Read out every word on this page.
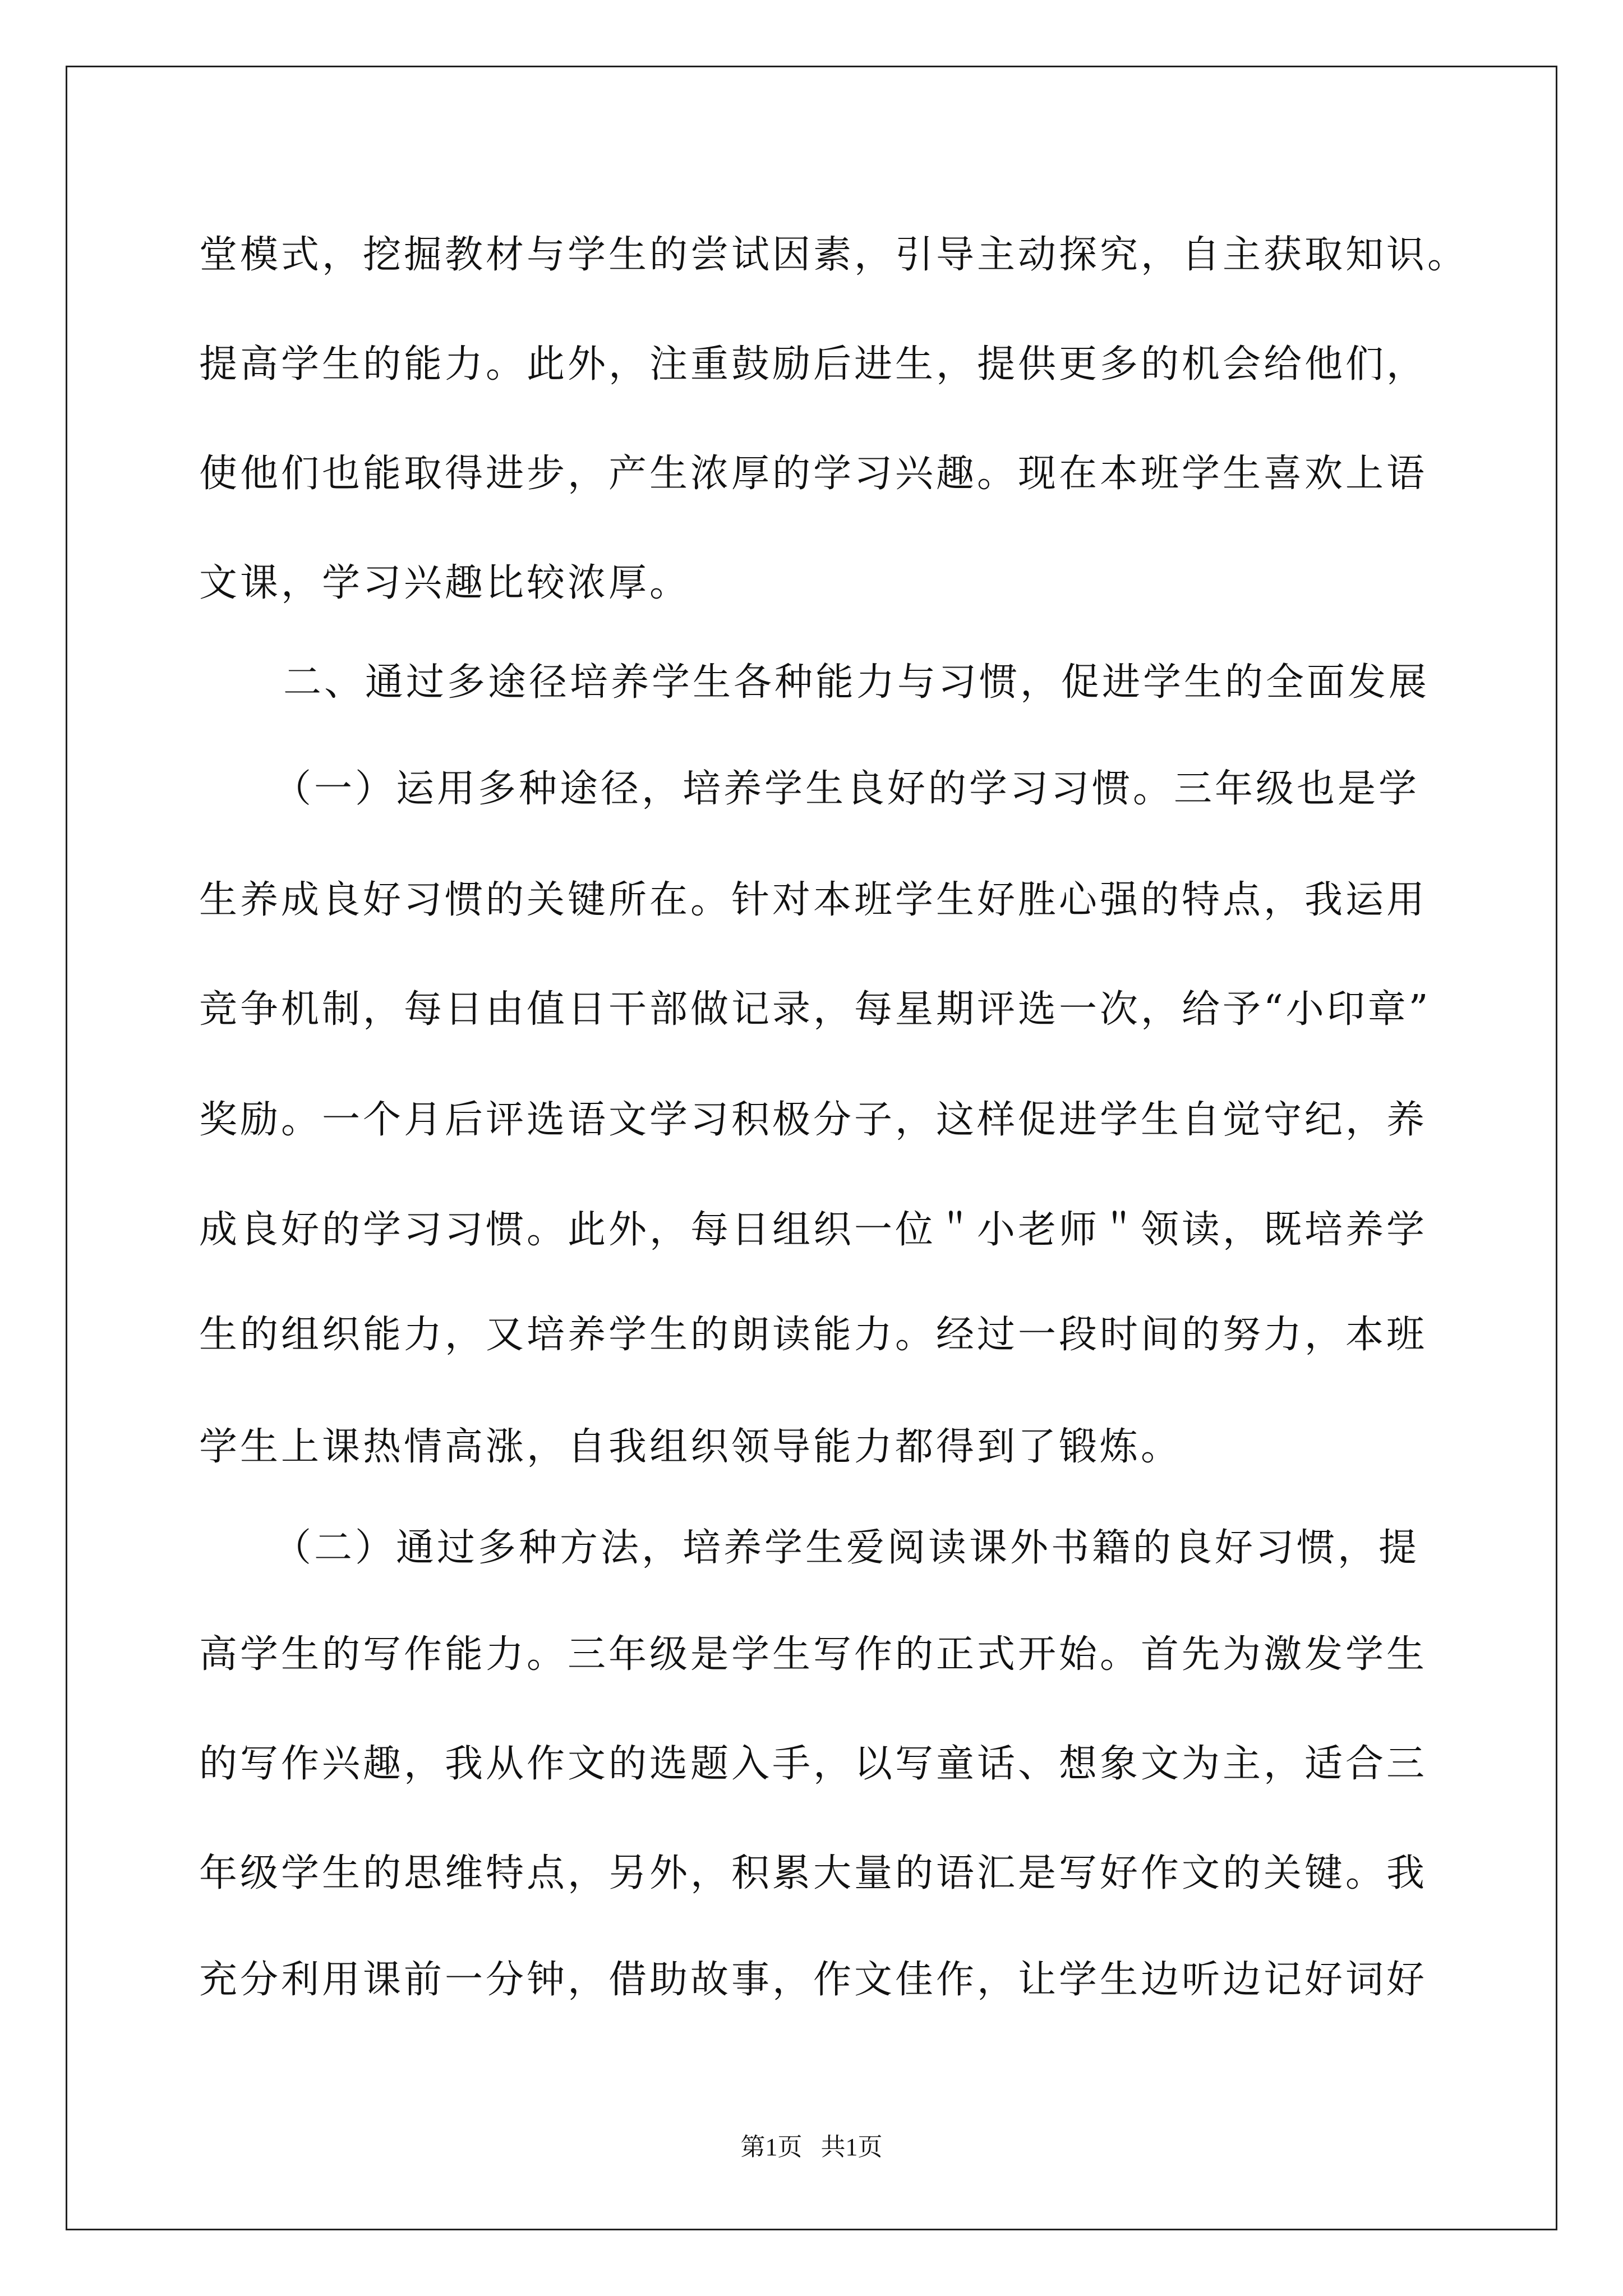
堂模式，挖掘教材与学生的尝试因素，引导主动探究，自主获取知识。
提高学生的能力。此外，注重鼓励后进生，提供更多的机会给他们，
使他们也能取得进步，产生浓厚的学习兴趣。现在本班学生喜欢上语
文课，学习兴趣比较浓厚。
二、通过多途径培养学生各种能力与习惯，促进学生的全面发展
（一）运用多种途径，培养学生良好的学习习惯。三年级也是学
生养成良好习惯的关键所在。针对本班学生好胜心强的特点，我运用
竞争机制，每日由值日干部做记录，每星期评选一次，给予“小印章”
奖励。一个月后评选语文学习积极分子，这样促进学生自觉守纪，养
成良好的学习习惯。此外，每日组织一位＂小老师＂领读，既培养学
生的组织能力，又培养学生的朗读能力。经过一段时间的努力，本班
学生上课热情高涨，自我组织领导能力都得到了锻炼。
（二）通过多种方法，培养学生爱阅读课外书籍的良好习惯，提
高学生的写作能力。三年级是学生写作的正式开始。首先为激发学生
的写作兴趣，我从作文的选题入手，以写童话、想象文为主，适合三
年级学生的思维特点，另外，积累大量的语汇是写好作文的关键。我
充分利用课前一分钟，借助故事，作文佳作，让学生边听边记好词好
第1页   共1页
